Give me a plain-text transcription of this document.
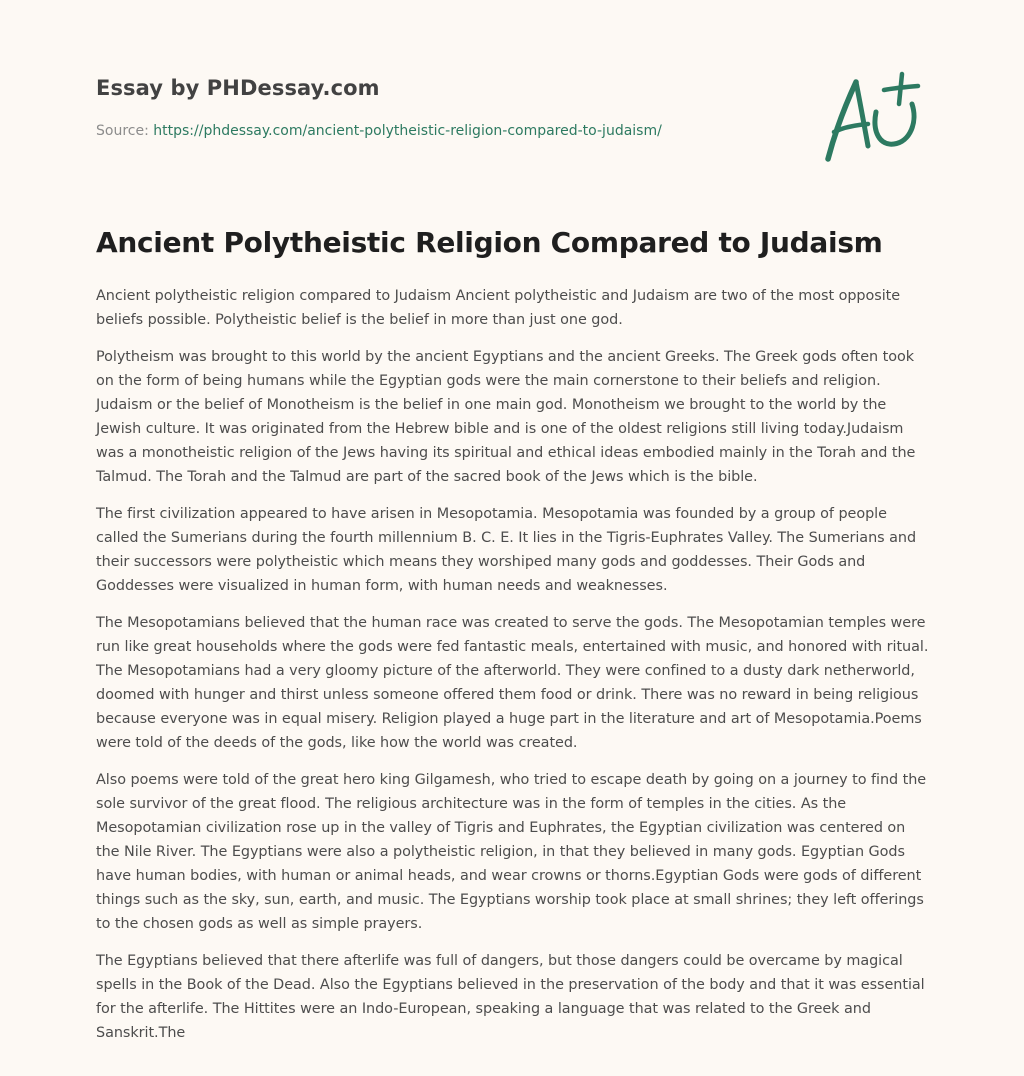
Essay by PHDessay.com
Source: https://phdessay.com/ancient-polytheistic-religion-compared-to-judaism/
Ancient Polytheistic Religion Compared to Judaism

Ancient polytheistic religion compared to Judaism Ancient polytheistic and Judaism are two of the most opposite beliefs possible. Polytheistic belief is the belief in more than just one god.

Polytheism was brought to this world by the ancient Egyptians and the ancient Greeks. The Greek gods often took on the form of being humans while the Egyptian gods were the main cornerstone to their beliefs and religion. Judaism or the belief of Monotheism is the belief in one main god. Monotheism we brought to the world by the Jewish culture. It was originated from the Hebrew bible and is one of the oldest religions still living today.Judaism was a monotheistic religion of the Jews having its spiritual and ethical ideas embodied mainly in the Torah and the Talmud. The Torah and the Talmud are part of the sacred book of the Jews which is the bible.

The first civilization appeared to have arisen in Mesopotamia. Mesopotamia was founded by a group of people called the Sumerians during the fourth millennium B. C. E. It lies in the Tigris-Euphrates Valley. The Sumerians and their successors were polytheistic which means they worshiped many gods and goddesses. Their Gods and Goddesses were visualized in human form, with human needs and weaknesses.

The Mesopotamians believed that the human race was created to serve the gods. The Mesopotamian temples were run like great households where the gods were fed fantastic meals, entertained with music, and honored with ritual. The Mesopotamians had a very gloomy picture of the afterworld. They were confined to a dusty dark netherworld, doomed with hunger and thirst unless someone offered them food or drink. There was no reward in being religious because everyone was in equal misery. Religion played a huge part in the literature and art of Mesopotamia.Poems were told of the deeds of the gods, like how the world was created.

Also poems were told of the great hero king Gilgamesh, who tried to escape death by going on a journey to find the sole survivor of the great flood. The religious architecture was in the form of temples in the cities. As the Mesopotamian civilization rose up in the valley of Tigris and Euphrates, the Egyptian civilization was centered on the Nile River. The Egyptians were also a polytheistic religion, in that they believed in many gods. Egyptian Gods have human bodies, with human or animal heads, and wear crowns or thorns.Egyptian Gods were gods of different things such as the sky, sun, earth, and music. The Egyptians worship took place at small shrines; they left offerings to the chosen gods as well as simple prayers.

The Egyptians believed that there afterlife was full of dangers, but those dangers could be overcame by magical spells in the Book of the Dead. Also the Egyptians believed in the preservation of the body and that it was essential for the afterlife. The Hittites were an Indo-European, speaking a language that was related to the Greek and Sanskrit.The
